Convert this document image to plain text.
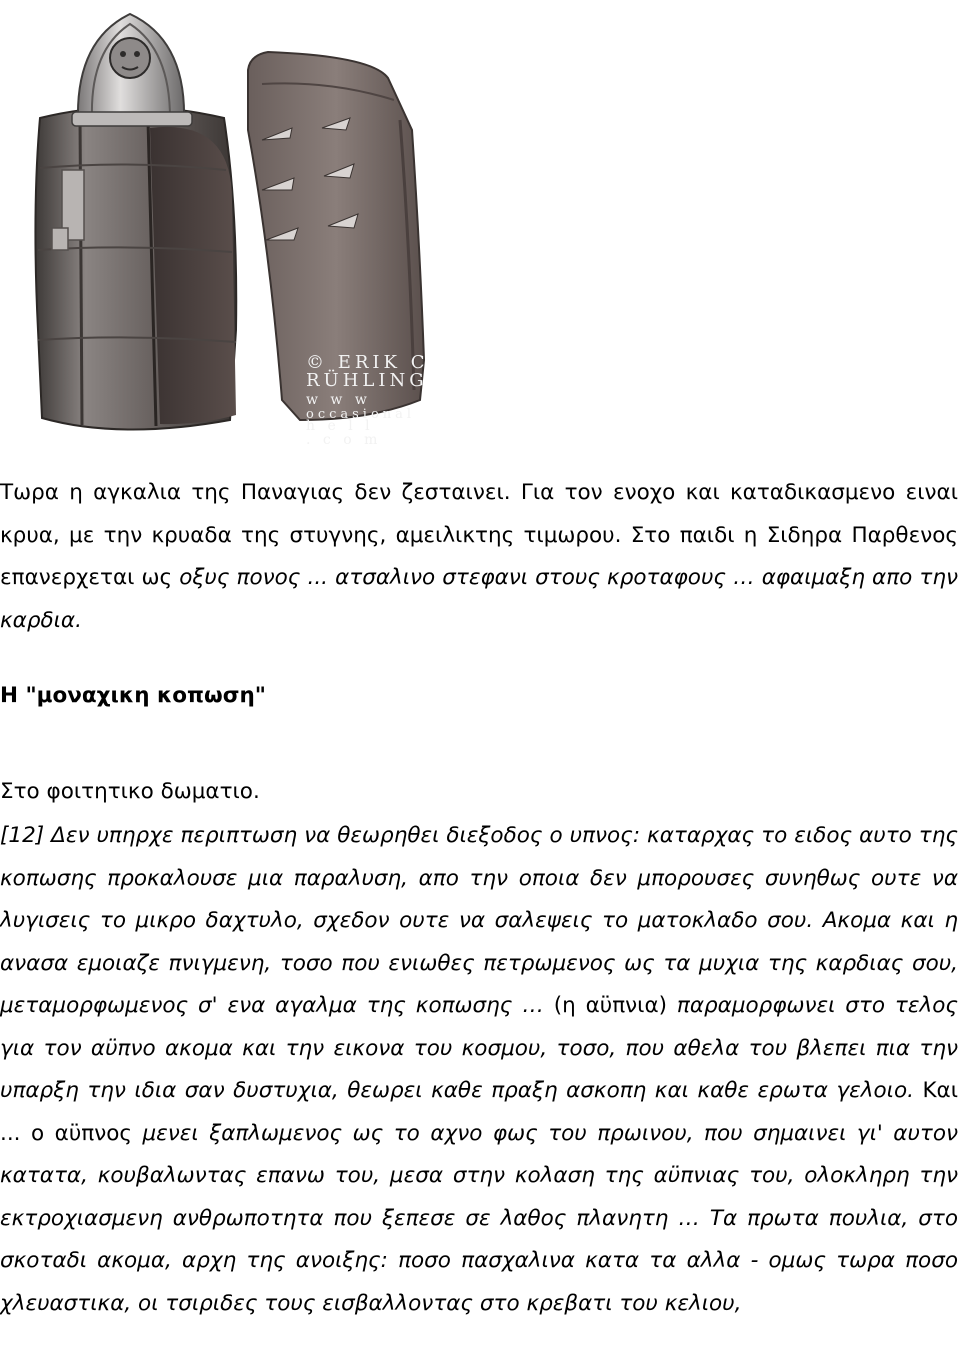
© ERIK C
RÜHLING
w w w
occasional
h e l l
. c o m

Τωρα η αγκαλια της Παναγιας δεν ζεσταινει. Για τον ενοχο και καταδικασμενο ειναι κρυα, με την κρυαδα της στυγνης, αμειλικτης τιμωρου. Στο παιδι η Σιδηρα Παρθενος επανερχεται ως οξυς πονος ... ατσαλινο στεφανι στους κροταφους … αφαιμαξη απο την καρδια.

Η "μοναχικη κοπωση"

Στο φοιτητικο δωματιο.

[12] Δεν υπηρχε περιπτωση να θεωρηθει διεξοδος ο υπνος: καταρχας το ειδος αυτο της κοπωσης προκαλουσε μια παραλυση, απο την οποια δεν μπορουσες συνηθως ουτε να λυγισεις το μικρο δαχτυλο, σχεδον ουτε να σαλεψεις το ματοκλαδο σου. Ακομα και η ανασα εμοιαζε πνιγμενη, τοσο που ενιωθες πετρωμενος ως τα μυχια της καρδιας σου, μεταμορφωμενος σ' ενα αγαλμα της κοπωσης … (η αϋπνια) παραμορφωνει στο τελος για τον αϋπνο ακομα και την εικονα του κοσμου, τοσο, που αθελα του βλεπει πια την υπαρξη την ιδια σαν δυστυχια, θεωρει καθε πραξη ασκοπη και καθε ερωτα γελοιο. Και ... ο αϋπνος μενει ξαπλωμενος ως το αχνο φως του πρωινου, που σημαινει γι' αυτον κατατα, κουβαλωντας επανω του, μεσα στην κολαση της αϋπνιας του, ολοκληρη την εκτροχιασμενη ανθρωποτητα που ξεπεσε σε λαθος πλανητη … Τα πρωτα πουλια, στο σκοταδι ακομα, αρχη της ανοιξης: ποσο πασχαλινα κατα τα αλλα - ομως τωρα ποσο χλευαστικα, οι τσιριδες τους εισβαλλοντας στο κρεβατι του κελιου,
